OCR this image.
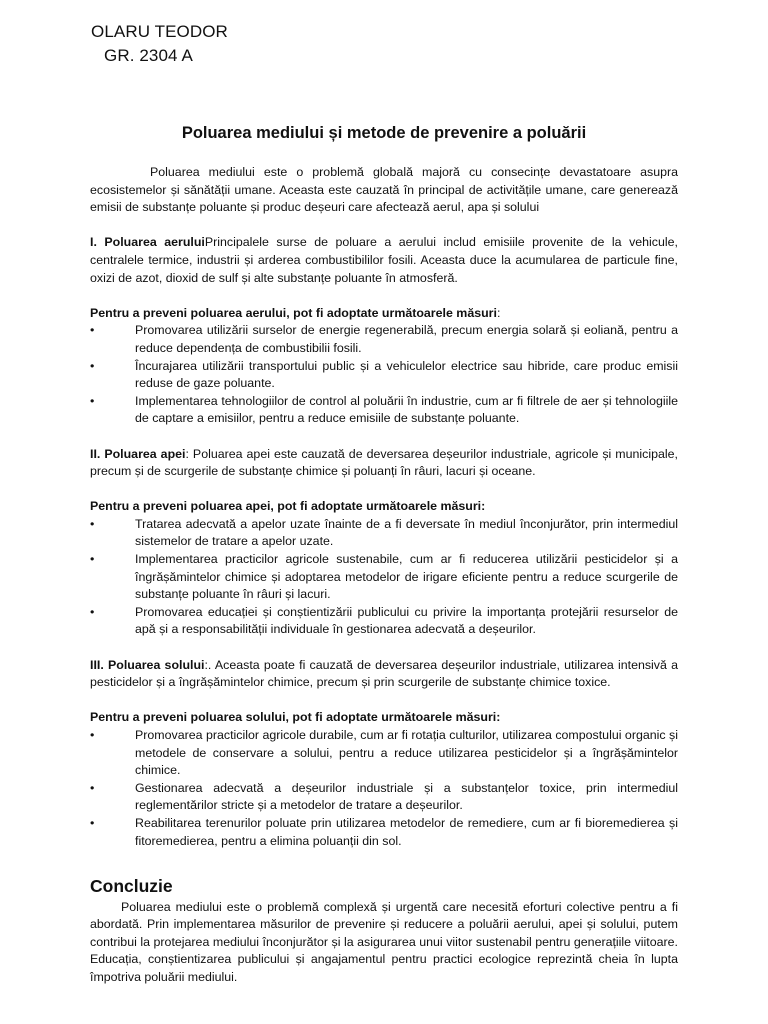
OLARU TEODOR
GR. 2304 A
Poluarea mediului și metode de prevenire a poluării

Poluarea mediului este o problemă globală majoră cu consecințe devastatoare asupra ecosistemelor și sănătății umane. Aceasta este cauzată în principal de activitățile umane, care generează emisii de substanțe poluante și produc deșeuri care afectează aerul, apa și solului

I. Poluarea aeruluiPrincipalele surse de poluare a aerului includ emisiile provenite de la vehicule, centralele termice, industrii și arderea combustibililor fosili. Aceasta duce la acumularea de particule fine, oxizi de azot, dioxid de sulf și alte substanțe poluante în atmosferă.

Pentru a preveni poluarea aerului, pot fi adoptate următoarele măsuri:

•	Promovarea utilizării surselor de energie regenerabilă, precum energia solară și eoliană, pentru a reduce dependența de combustibilii fosili.

•	Încurajarea utilizării transportului public și a vehiculelor electrice sau hibride, care produc emisii reduse de gaze poluante.

•	Implementarea tehnologiilor de control al poluării în industrie, cum ar fi filtrele de aer și tehnologiile de captare a emisiilor, pentru a reduce emisiile de substanțe poluante.

II. Poluarea apei: Poluarea apei este cauzată de deversarea deșeurilor industriale, agricole și municipale, precum și de scurgerile de substanțe chimice și poluanți în râuri, lacuri și oceane.

Pentru a preveni poluarea apei, pot fi adoptate următoarele măsuri:

•	Tratarea adecvată a apelor uzate înainte de a fi deversate în mediul înconjurător, prin intermediul sistemelor de tratare a apelor uzate.

•	Implementarea practicilor agricole sustenabile, cum ar fi reducerea utilizării pesticidelor și a îngrășămintelor chimice și adoptarea metodelor de irigare eficiente pentru a reduce scurgerile de substanțe poluante în râuri și lacuri.

•	Promovarea educației și conștientizării publicului cu privire la importanța protejării resurselor de apă și a responsabilității individuale în gestionarea adecvată a deșeurilor.

III. Poluarea solului:. Aceasta poate fi cauzată de deversarea deșeurilor industriale, utilizarea intensivă a pesticidelor și a îngrășămintelor chimice, precum și prin scurgerile de substanțe chimice toxice.

Pentru a preveni poluarea solului, pot fi adoptate următoarele măsuri:

•	Promovarea practicilor agricole durabile, cum ar fi rotația culturilor, utilizarea compostului organic și metodele de conservare a solului, pentru a reduce utilizarea pesticidelor și a îngrășămintelor chimice.

•	Gestionarea adecvată a deșeurilor industriale și a substanțelor toxice, prin intermediul reglementărilor stricte și a metodelor de tratare a deșeurilor.

•	Reabilitarea terenurilor poluate prin utilizarea metodelor de remediere, cum ar fi bioremedierea și fitoremedierea, pentru a elimina poluanții din sol.

Concluzie

Poluarea mediului este o problemă complexă și urgentă care necesită eforturi colective pentru a fi abordată. Prin implementarea măsurilor de prevenire și reducere a poluării aerului, apei și solului, putem contribui la protejarea mediului înconjurător și la asigurarea unui viitor sustenabil pentru generațiile viitoare. Educația, conștientizarea publicului și angajamentul pentru practici ecologice reprezintă cheia în lupta împotriva poluării mediului.
